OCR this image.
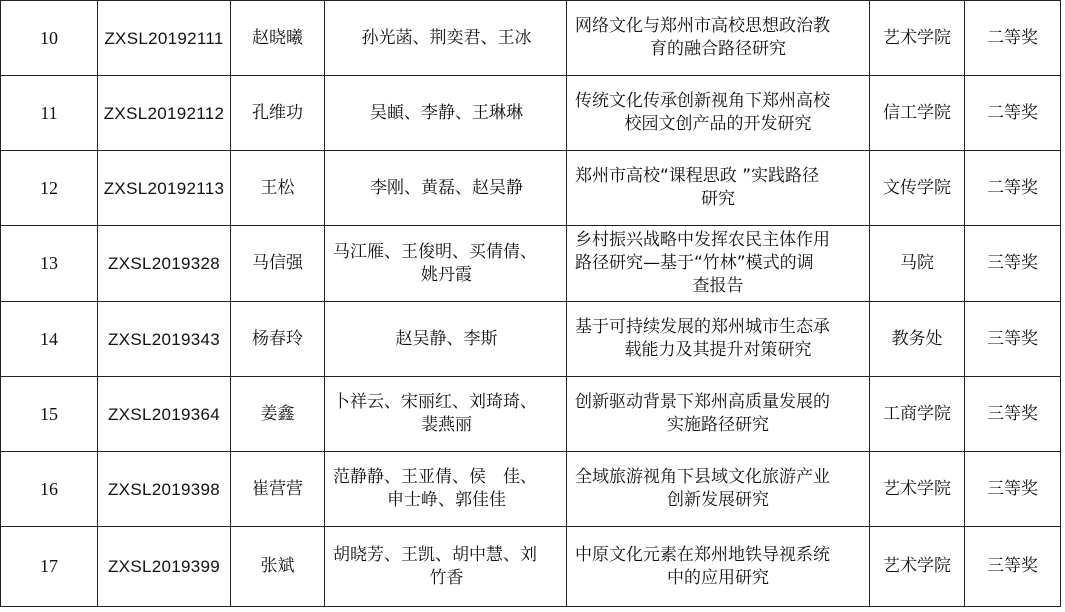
10	ZXSL20192111	赵晓曦	孙光菡、荆奕君、王冰	网络文化与郑州市高校思想政治教
育的融合路径研究	艺术学院	二等奖
11	ZXSL20192112	孔维功	吴頔、李静、王琳琳	传统文化传承创新视角下郑州高校
校园文创产品的开发研究	信工学院	二等奖
12	ZXSL20192113	王松	李刚、黄磊、赵吴静	郑州市高校“课程思政 ”实践路径
研究	文传学院	二等奖
13	ZXSL2019328	马信强	马江雁、王俊明、买倩倩、
姚丹霞	乡村振兴战略中发挥农民主体作用
路径研究—基于“竹林”模式的调
查报告	马院	三等奖
14	ZXSL2019343	杨春玲	赵吴静、李斯	基于可持续发展的郑州城市生态承
载能力及其提升对策研究	教务处	三等奖
15	ZXSL2019364	姜鑫	卜祥云、宋丽红、刘琦琦、
裴燕丽	创新驱动背景下郑州高质量发展的
实施路径研究	工商学院	三等奖
16	ZXSL2019398	崔营营	范静静、王亚倩、侯　佳、
申士峥、郭佳佳	全域旅游视角下县域文化旅游产业
创新发展研究	艺术学院	三等奖
17	ZXSL2019399	张斌	胡晓芳、王凯、胡中慧、刘
竹香	中原文化元素在郑州地铁导视系统
中的应用研究	艺术学院	三等奖
